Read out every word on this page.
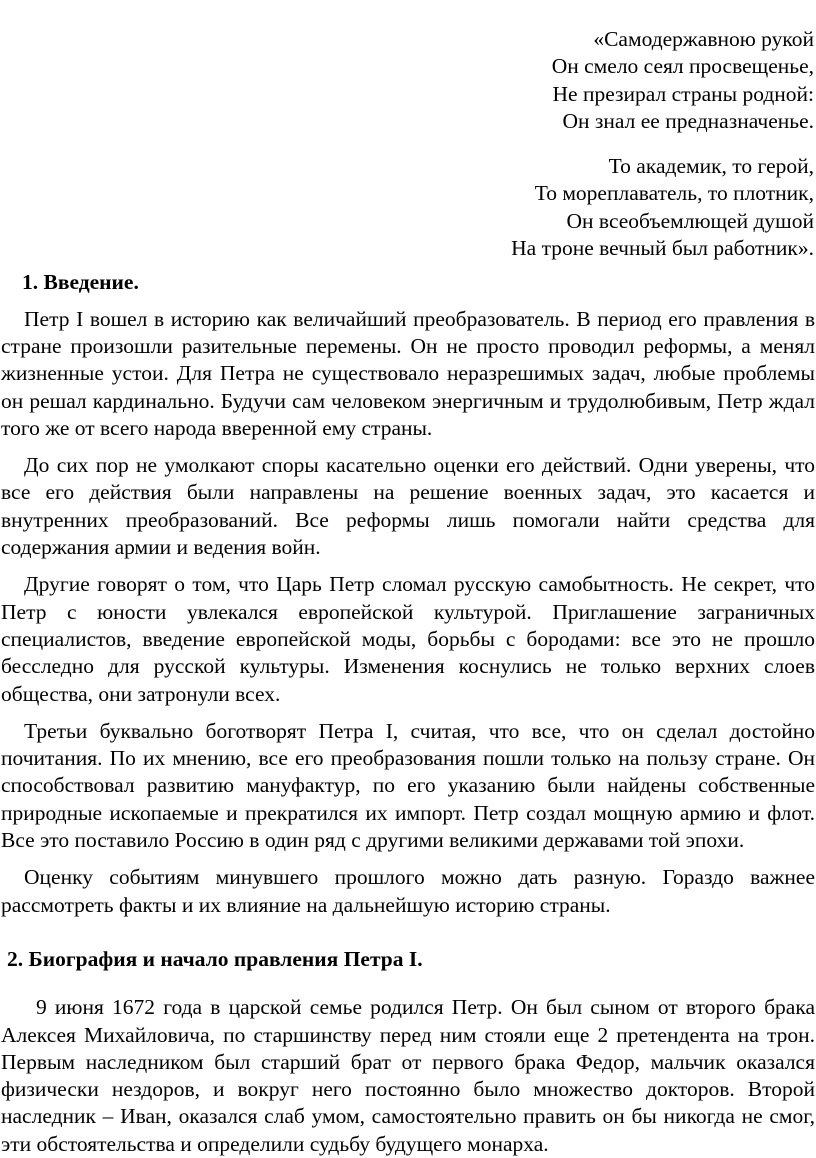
«Самодержавною рукой
Он смело сеял просвещенье,
Не презирал страны родной:
Он знал ее предназначенье.
То академик, то герой,
То мореплаватель, то плотник,
Он всеобъемлющей душой
На троне вечный был работник».
1. Введение.

Петр I вошел в историю как величайший преобразователь. В период его правления в стране произошли разительные перемены. Он не просто проводил реформы, а менял жизненные устои. Для Петра не существовало неразрешимых задач, любые проблемы он решал кардинально. Будучи сам человеком энергичным и трудолюбивым, Петр ждал того же от всего народа вверенной ему страны.

До сих пор не умолкают споры касательно оценки его действий. Одни уверены, что все его действия были направлены на решение военных задач, это касается и внутренних преобразований. Все реформы лишь помогали найти средства для содержания армии и ведения войн.

Другие говорят о том, что Царь Петр сломал русскую самобытность. Не секрет, что Петр с юности увлекался европейской культурой. Приглашение заграничных специалистов, введение европейской моды, борьбы с бородами: все это не прошло бесследно для русской культуры. Изменения коснулись не только верхних слоев общества, они затронули всех.

Третьи буквально боготворят Петра I, считая, что все, что он сделал достойно почитания. По их мнению, все его преобразования пошли только на пользу стране. Он способствовал развитию мануфактур, по его указанию были найдены собственные природные ископаемые и прекратился их импорт. Петр создал мощную армию и флот. Все это поставило Россию в один ряд с другими великими державами той эпохи.

Оценку событиям минувшего прошлого можно дать разную. Гораздо важнее рассмотреть факты и их влияние на дальнейшую историю страны.

2. Биография и начало правления Петра I.

9 июня 1672 года в царской семье родился Петр. Он был сыном от второго брака Алексея Михайловича, по старшинству перед ним стояли еще 2 претендента на трон. Первым наследником был старший брат от первого брака Федор, мальчик оказался физически нездоров, и вокруг него постоянно было множество докторов. Второй наследник – Иван, оказался слаб умом, самостоятельно править он бы никогда не смог, эти обстоятельства и определили судьбу будущего монарха.
